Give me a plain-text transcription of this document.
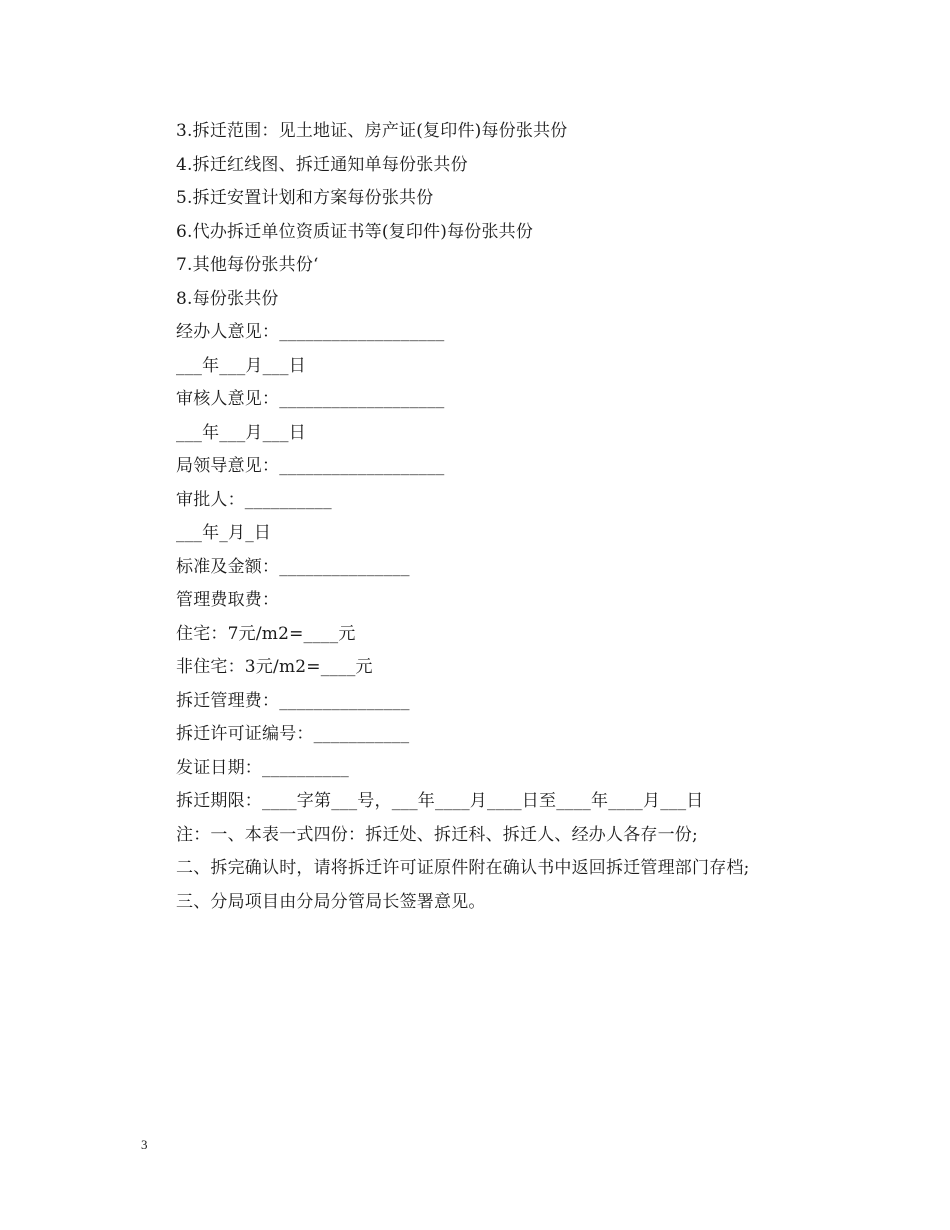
3.拆迁范围：见土地证、房产证(复印件)每份张共份
4.拆迁红线图、拆迁通知单每份张共份
5.拆迁安置计划和方案每份张共份
6.代办拆迁单位资质证书等(复印件)每份张共份
7.其他每份张共份‘
8.每份张共份
经办人意见：___________________
___年___月___日
审核人意见：___________________
___年___月___日
局领导意见：___________________
审批人：__________
___年_月_日
标准及金额：_______________
管理费取费：
住宅：7元/m2=____元
非住宅：3元/m2=____元
拆迁管理费：_______________
拆迁许可证编号：___________
发证日期：__________
拆迁期限：____字第___号，___年____月____日至____年____月___日
注：一、本表一式四份：拆迁处、拆迁科、拆迁人、经办人各存一份;
二、拆完确认时，请将拆迁许可证原件附在确认书中返回拆迁管理部门存档;
三、分局项目由分局分管局长签署意见。
3
